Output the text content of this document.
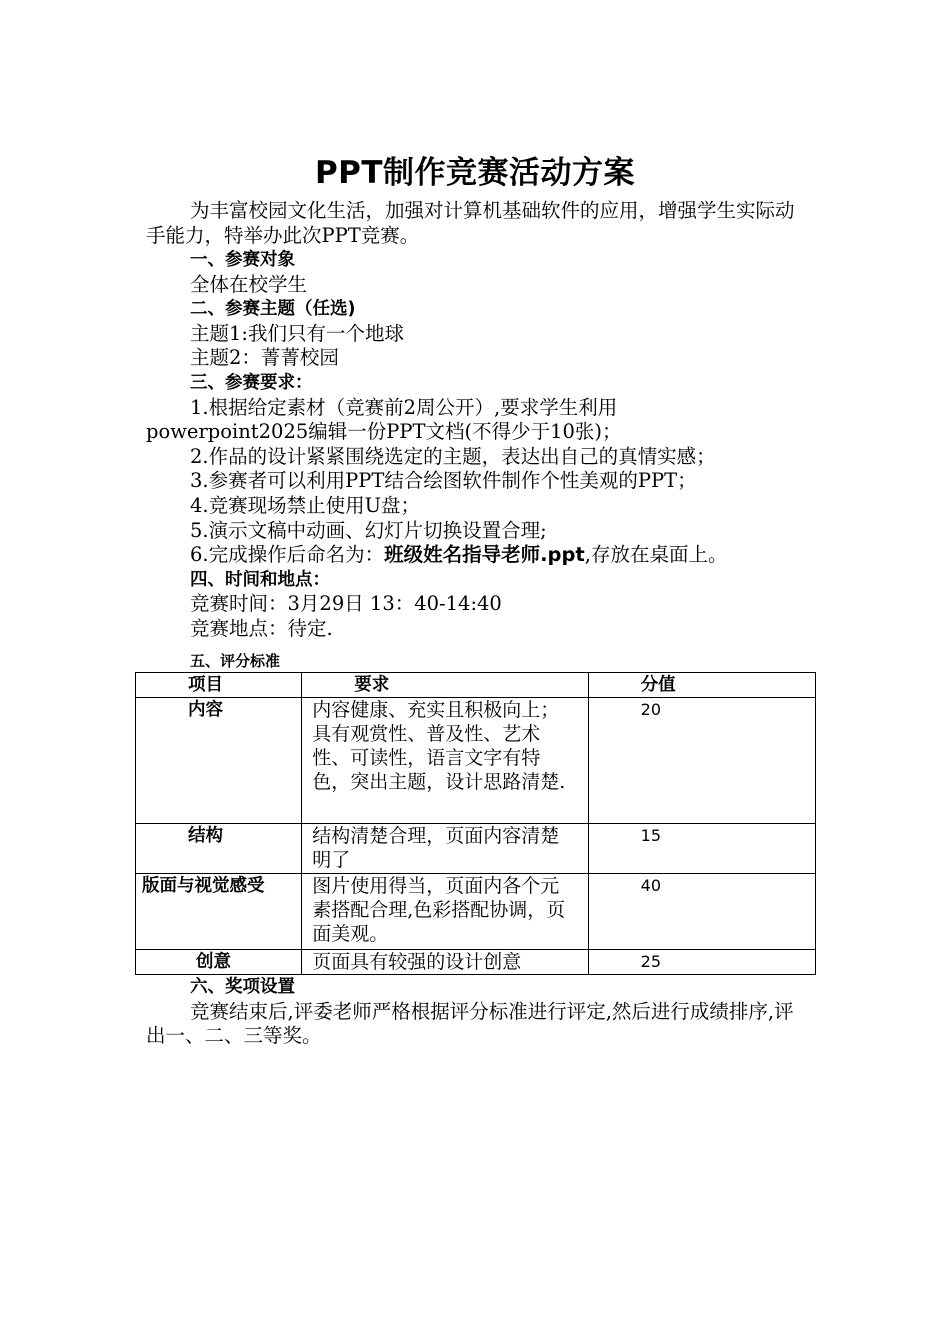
PPT制作竞赛活动方案

为丰富校园文化生活，加强对计算机基础软件的应用，增强学生实际动手能力，特举办此次PPT竞赛。

一、参赛对象

全体在校学生

二、参赛主题（任选)

主题1:我们只有一个地球

主题2：菁菁校园

三、参赛要求：

1.根据给定素材（竞赛前2周公开）,要求学生利用

powerpoint2025编辑一份PPT文档(不得少于10张)；

2.作品的设计紧紧围绕选定的主题，表达出自己的真情实感；

3.参赛者可以利用PPT结合绘图软件制作个性美观的PPT；

4.竞赛现场禁止使用U盘；

5.演示文稿中动画、幻灯片切换设置合理;

6.完成操作后命名为：班级姓名指导老师.ppt,存放在桌面上。

四、时间和地点：

竞赛时间：3月29日 13：40-14:40

竞赛地点：待定.

五、评分标准

项目	要求	分值
内容	内容健康、充实且积极向上；具有观赏性、普及性、艺术性、可读性，语言文字有特色，突出主题，设计思路清楚.	20
结构	结构清楚合理，页面内容清楚明了	15
版面与视觉感受	图片使用得当，页面内各个元素搭配合理,色彩搭配协调，页面美观。	40
创意	页面具有较强的设计创意	25

六、奖项设置

竞赛结束后,评委老师严格根据评分标准进行评定,然后进行成绩排序,评出一、二、三等奖。
